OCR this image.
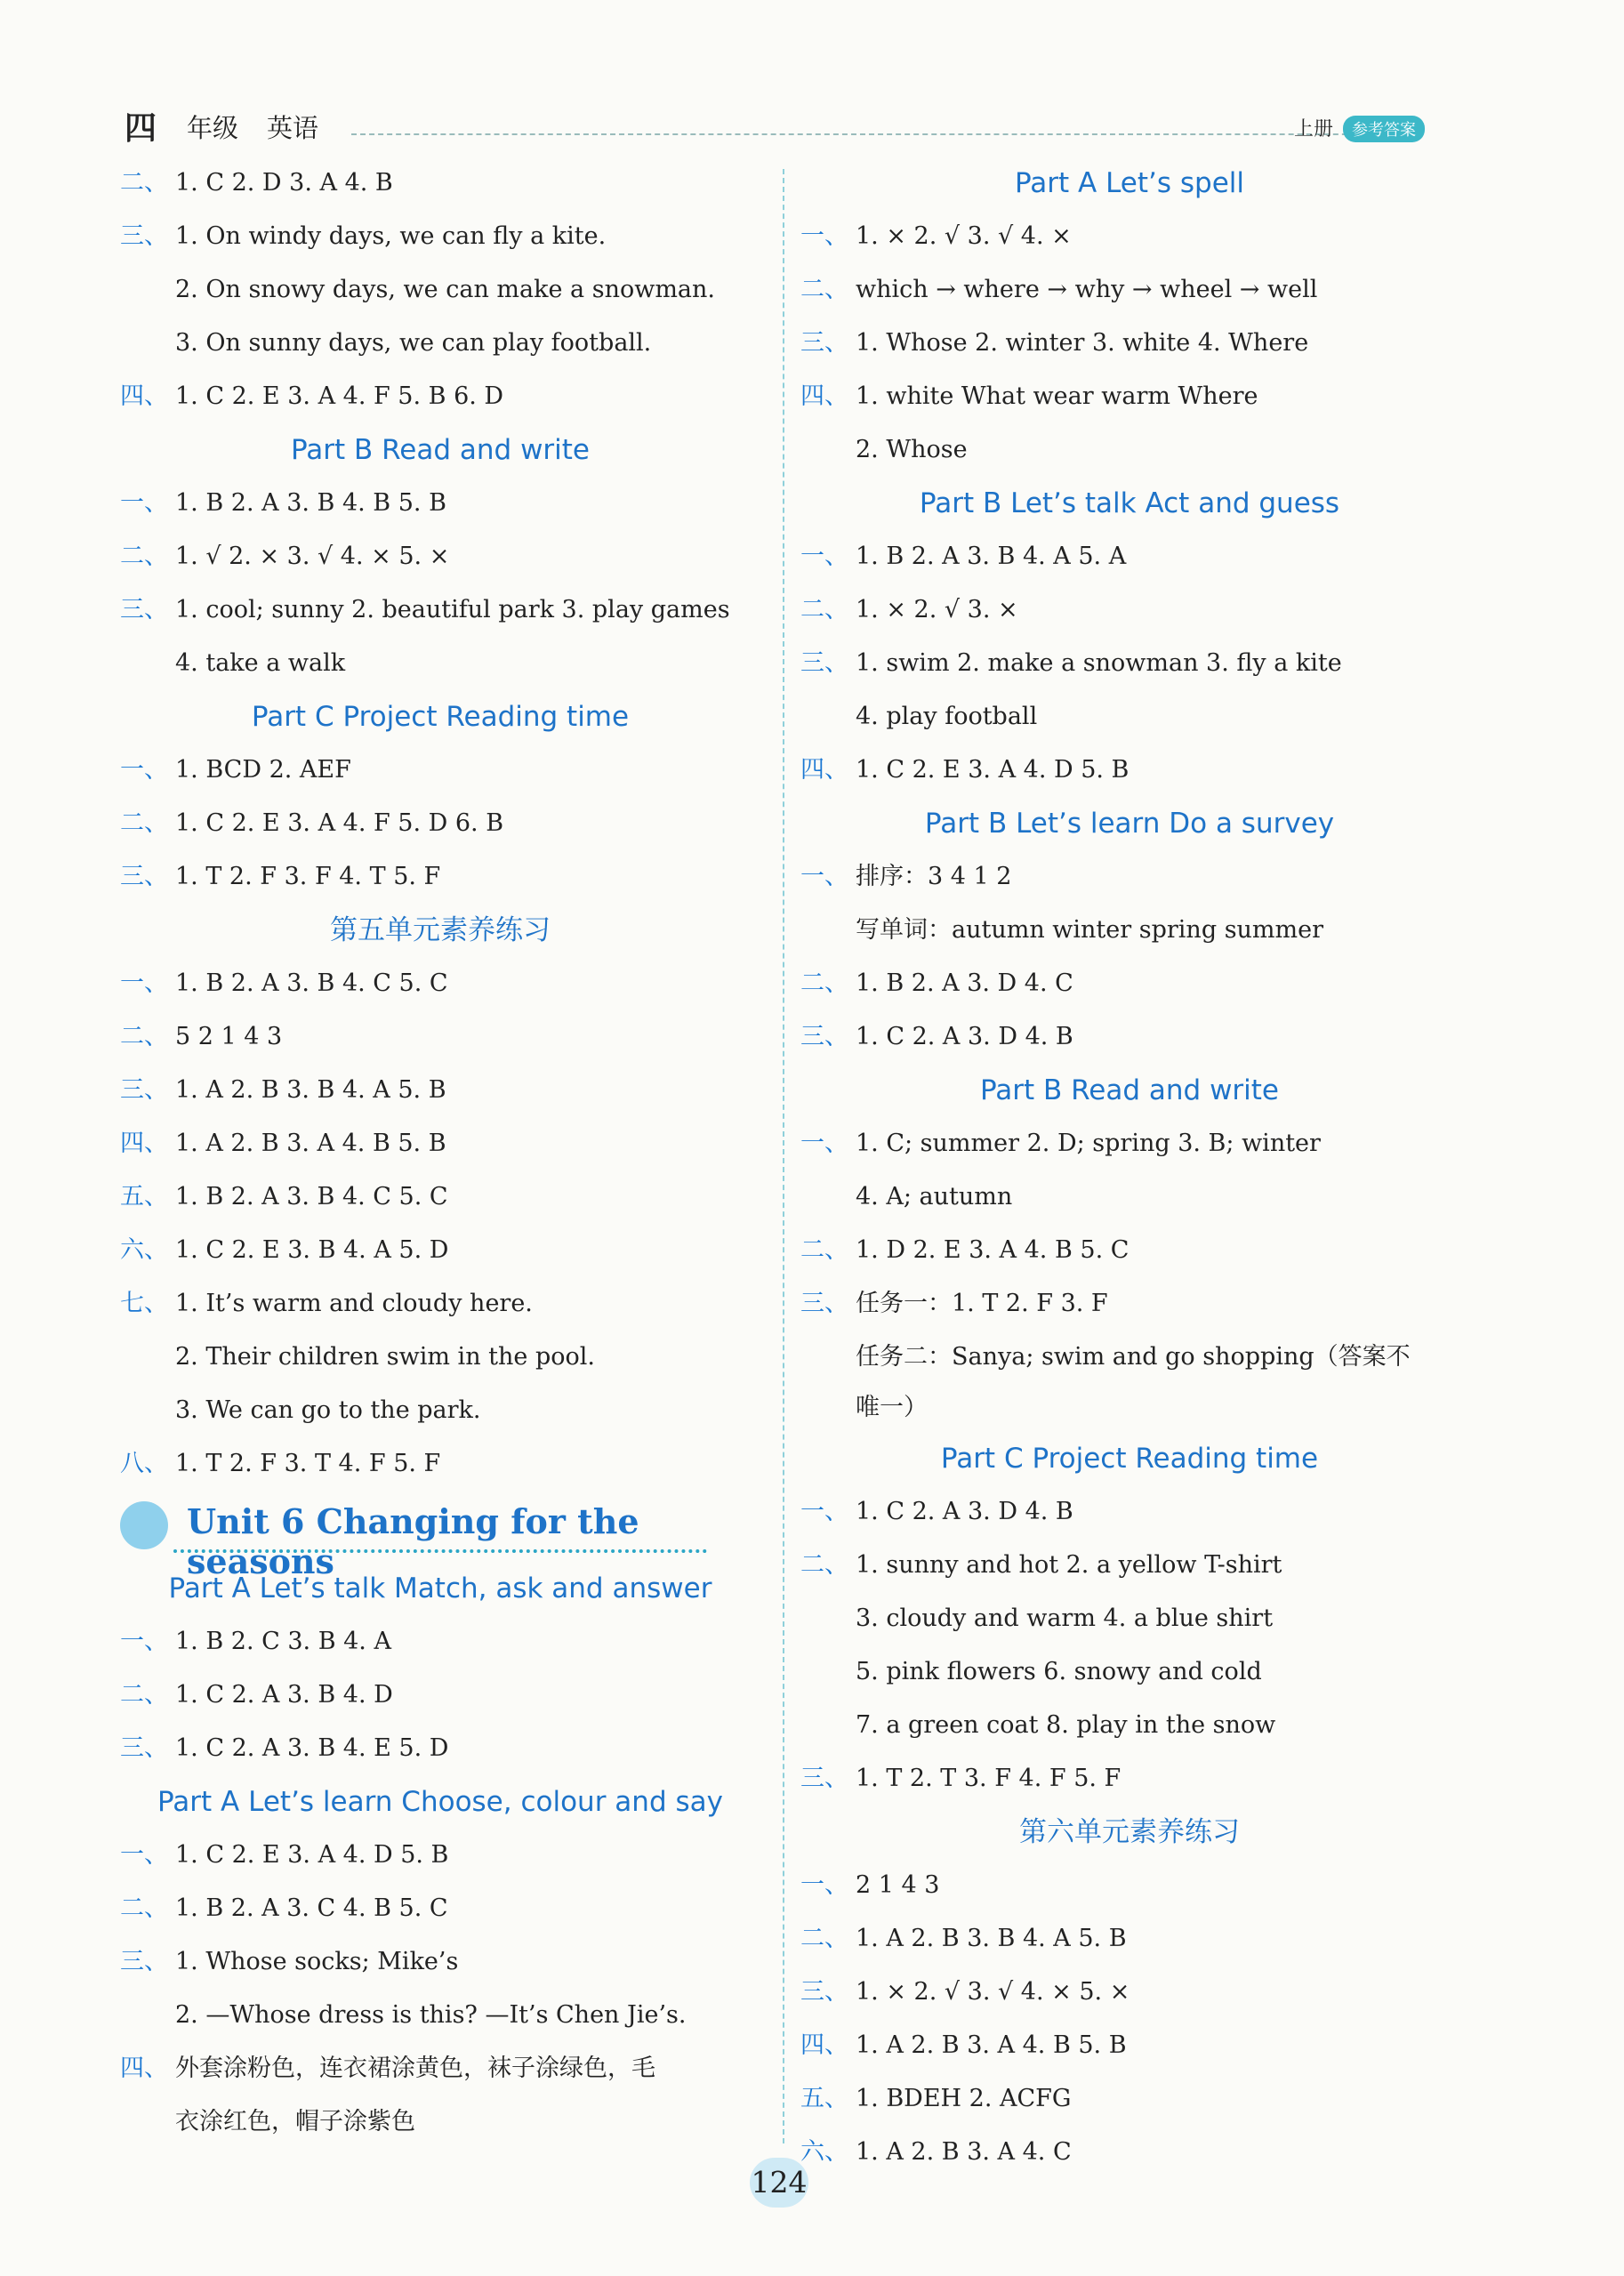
四 年级 英语	上册	参考答案
二、 1. C 2. D 3. A 4. B
三、 1. On windy days, we can fly a kite.
2. On snowy days, we can make a snowman.
3. On sunny days, we can play football.
四、 1. C 2. E 3. A 4. F 5. B 6. D
Part B Read and write
一、 1. B 2. A 3. B 4. B 5. B
二、 1. √ 2. × 3. √ 4. × 5. ×
三、 1. cool; sunny 2. beautiful park 3. play games
4. take a walk
Part C Project Reading time
一、 1. BCD 2. AEF
二、 1. C 2. E 3. A 4. F 5. D 6. B
三、 1. T 2. F 3. F 4. T 5. F
第五单元素养练习
一、 1. B 2. A 3. B 4. C 5. C
二、 5 2 1 4 3
三、 1. A 2. B 3. B 4. A 5. B
四、 1. A 2. B 3. A 4. B 5. B
五、 1. B 2. A 3. B 4. C 5. C
六、 1. C 2. E 3. B 4. A 5. D
七、 1. It’s warm and cloudy here.
2. Their children swim in the pool.
3. We can go to the park.
八、 1. T 2. F 3. T 4. F 5. F
Unit 6 Changing for the seasons
Part A Let’s talk Match, ask and answer
一、 1. B 2. C 3. B 4. A
二、 1. C 2. A 3. B 4. D
三、 1. C 2. A 3. B 4. E 5. D
Part A Let’s learn Choose, colour and say
一、 1. C 2. E 3. A 4. D 5. B
二、 1. B 2. A 3. C 4. B 5. C
三、 1. Whose socks; Mike’s
2. —Whose dress is this? —It’s Chen Jie’s.
四、 外套涂粉色，连衣裙涂黄色，袜子涂绿色，毛
衣涂红色，帽子涂紫色
Part A Let’s spell
一、 1. × 2. √ 3. √ 4. ×
二、 which → where → why → wheel → well
三、 1. Whose 2. winter 3. white 4. Where
四、 1. white What wear warm Where
2. Whose
Part B Let’s talk Act and guess
一、 1. B 2. A 3. B 4. A 5. A
二、 1. × 2. √ 3. ×
三、 1. swim 2. make a snowman 3. fly a kite
4. play football
四、 1. C 2. E 3. A 4. D 5. B
Part B Let’s learn Do a survey
一、 排序：3 4 1 2
写单词：autumn winter spring summer
二、 1. B 2. A 3. D 4. C
三、 1. C 2. A 3. D 4. B
Part B Read and write
一、 1. C; summer 2. D; spring 3. B; winter
4. A; autumn
二、 1. D 2. E 3. A 4. B 5. C
三、 任务一：1. T 2. F 3. F
任务二：Sanya; swim and go shopping（答案不
唯一）
Part C Project Reading time
一、 1. C 2. A 3. D 4. B
二、 1. sunny and hot 2. a yellow T-shirt
3. cloudy and warm 4. a blue shirt
5. pink flowers 6. snowy and cold
7. a green coat 8. play in the snow
三、 1. T 2. T 3. F 4. F 5. F
第六单元素养练习
一、 2 1 4 3
二、 1. A 2. B 3. B 4. A 5. B
三、 1. × 2. √ 3. √ 4. × 5. ×
四、 1. A 2. B 3. A 4. B 5. B
五、 1. BDEH 2. ACFG
六、 1. A 2. B 3. A 4. C
124
